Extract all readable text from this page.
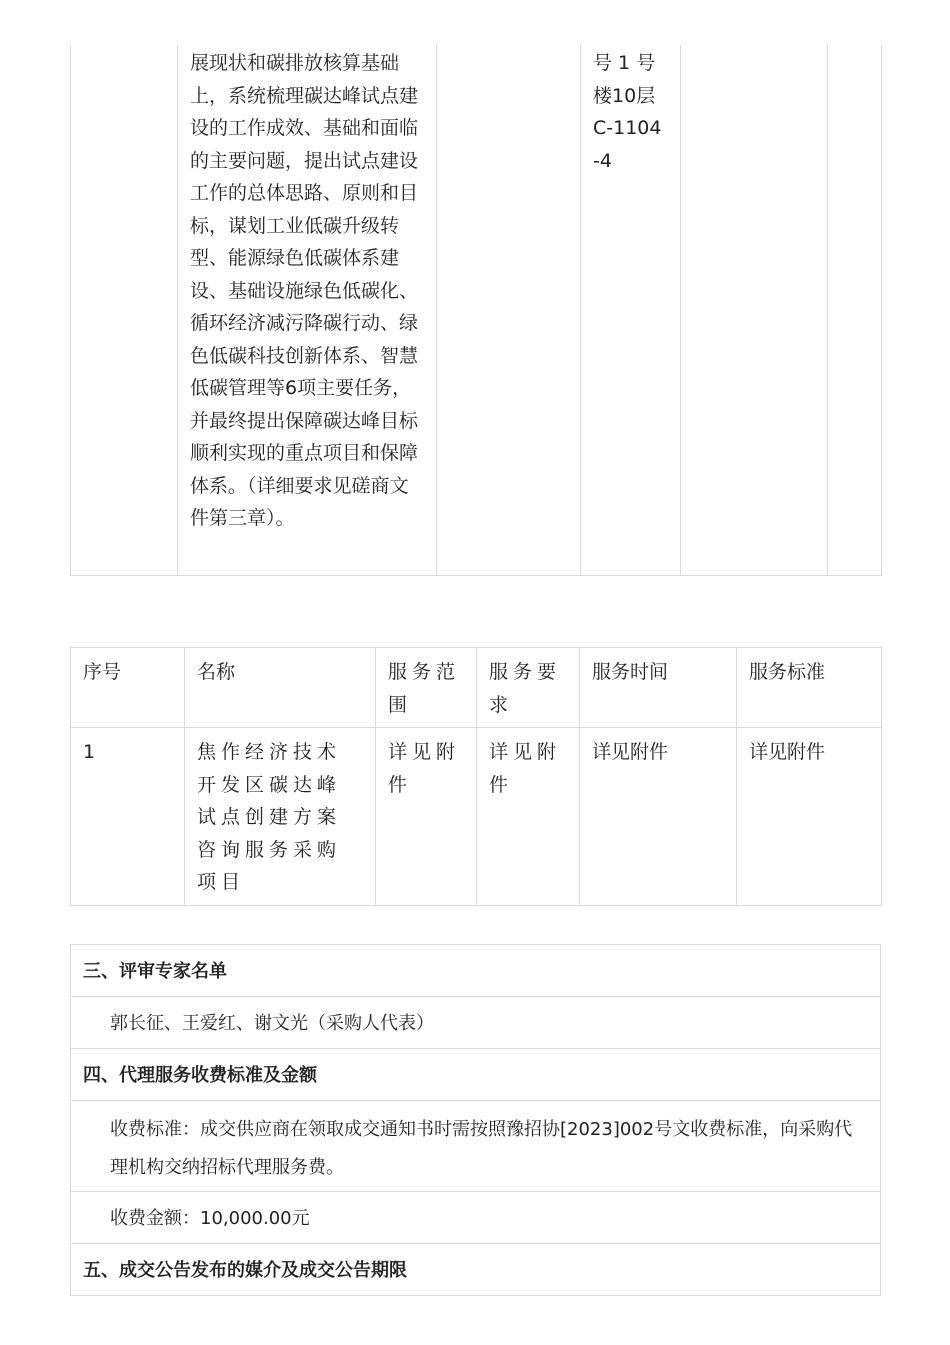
	展现状和碳排放核算基础上，系统梳理碳达峰试点建设的工作成效、基础和面临的主要问题，提出试点建设工作的总体思路、原则和目标，谋划工业低碳升级转型、能源绿色低碳体系建设、基础设施绿色低碳化、循环经济减污降碳行动、绿色低碳科技创新体系、智慧低碳管理等6项主要任务，并最终提出保障碳达峰目标顺利实现的重点项目和保障体系。（详细要求见磋商文件第三章）。		号 1 号楼10层C-1104-4		
序号	名称	服务范围	服务要求	服务时间	服务标准
1	焦作经济技术开发区碳达峰试点创建方案咨询服务采购项目	详见附件	详见附件	详见附件	详见附件
三、评审专家名单
郭长征、王爱红、谢文光（采购人代表）
四、代理服务收费标准及金额
收费标准：成交供应商在领取成交通知书时需按照豫招协[2023]002号文收费标准，向采购代理机构交纳招标代理服务费。
收费金额：10,000.00元
五、成交公告发布的媒介及成交公告期限
